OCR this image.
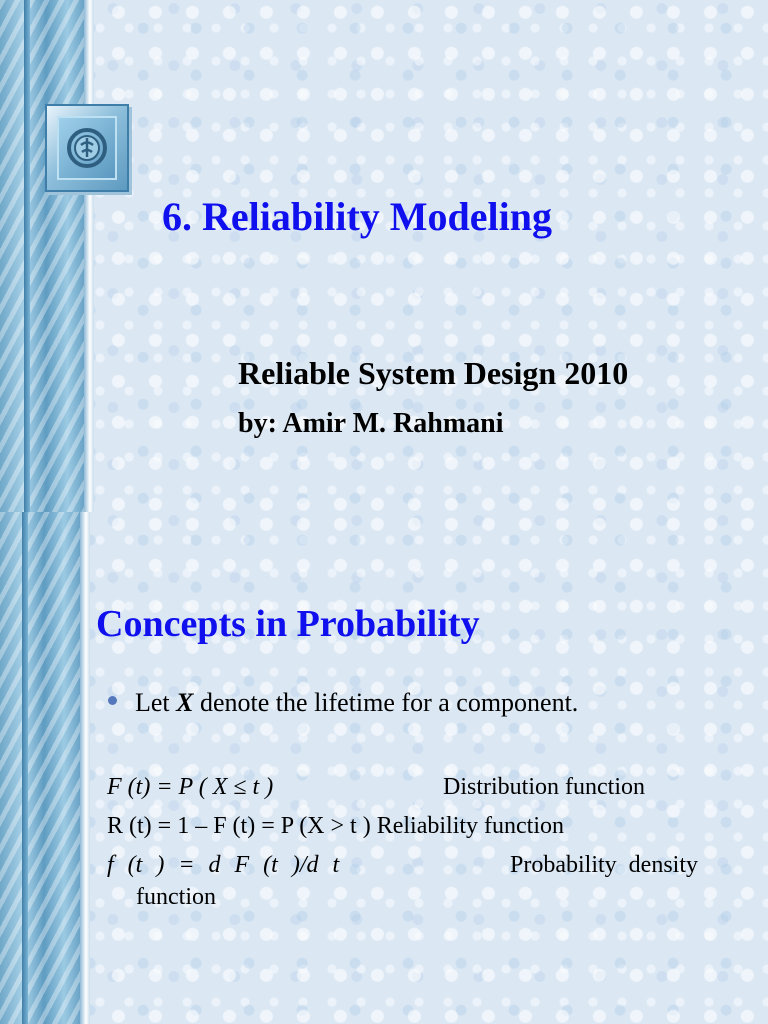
6. Reliability Modeling

Reliable System Design 2010

by: Amir M. Rahmani

Concepts in Probability
Let X denote the lifetime for a component.

F (t) = P ( X ≤ t )	Distribution function

R (t) = 1 – F (t) = P (X > t ) Reliability function

f (t ) = d F (t )/d t	Probability density

function
